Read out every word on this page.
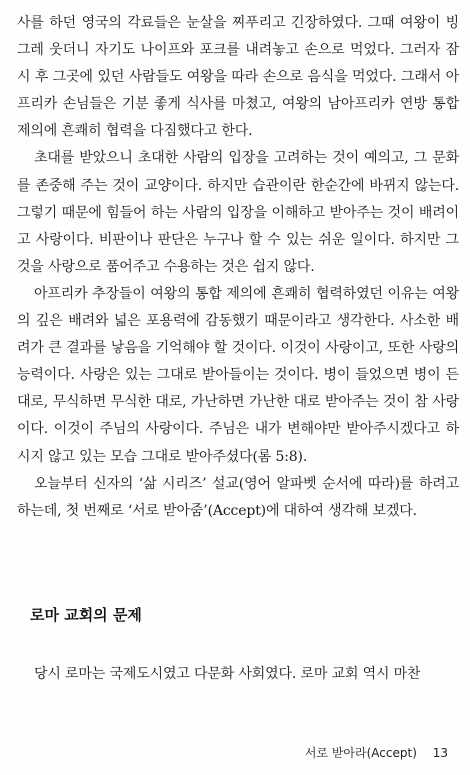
사를 하던 영국의 각료들은 눈살을 찌푸리고 긴장하였다. 그때 여왕이 빙그레 웃더니 자기도 나이프와 포크를 내려놓고 손으로 먹었다. 그러자 잠시 후 그곳에 있던 사람들도 여왕을 따라 손으로 음식을 먹었다. 그래서 아프리카 손님들은 기분 좋게 식사를 마쳤고, 여왕의 남아프리카 연방 통합 제의에 흔쾌히 협력을 다짐했다고 한다.

초대를 받았으니 초대한 사람의 입장을 고려하는 것이 예의고, 그 문화를 존중해 주는 것이 교양이다. 하지만 습관이란 한순간에 바뀌지 않는다. 그렇기 때문에 힘들어 하는 사람의 입장을 이해하고 받아주는 것이 배려이고 사랑이다. 비판이나 판단은 누구나 할 수 있는 쉬운 일이다. 하지만 그것을 사랑으로 품어주고 수용하는 것은 쉽지 않다.

아프리카 추장들이 여왕의 통합 제의에 흔쾌히 협력하였던 이유는 여왕의 깊은 배려와 넓은 포용력에 감동했기 때문이라고 생각한다. 사소한 배려가 큰 결과를 낳음을 기억해야 할 것이다. 이것이 사랑이고, 또한 사랑의 능력이다. 사랑은 있는 그대로 받아들이는 것이다. 병이 들었으면 병이 든 대로, 무식하면 무식한 대로, 가난하면 가난한 대로 받아주는 것이 참 사랑이다. 이것이 주님의 사랑이다. 주님은 내가 변해야만 받아주시겠다고 하시지 않고 있는 모습 그대로 받아주셨다(롬 5:8).

오늘부터 신자의 ‘삶 시리즈’ 설교(영어 알파벳 순서에 따라)를 하려고 하는데, 첫 번째로 ‘서로 받아줌’(Accept)에 대하여 생각해 보겠다.

로마 교회의 문제

당시 로마는 국제도시였고 다문화 사회였다. 로마 교회 역시 마찬

서로 받아라(Accept) 13
